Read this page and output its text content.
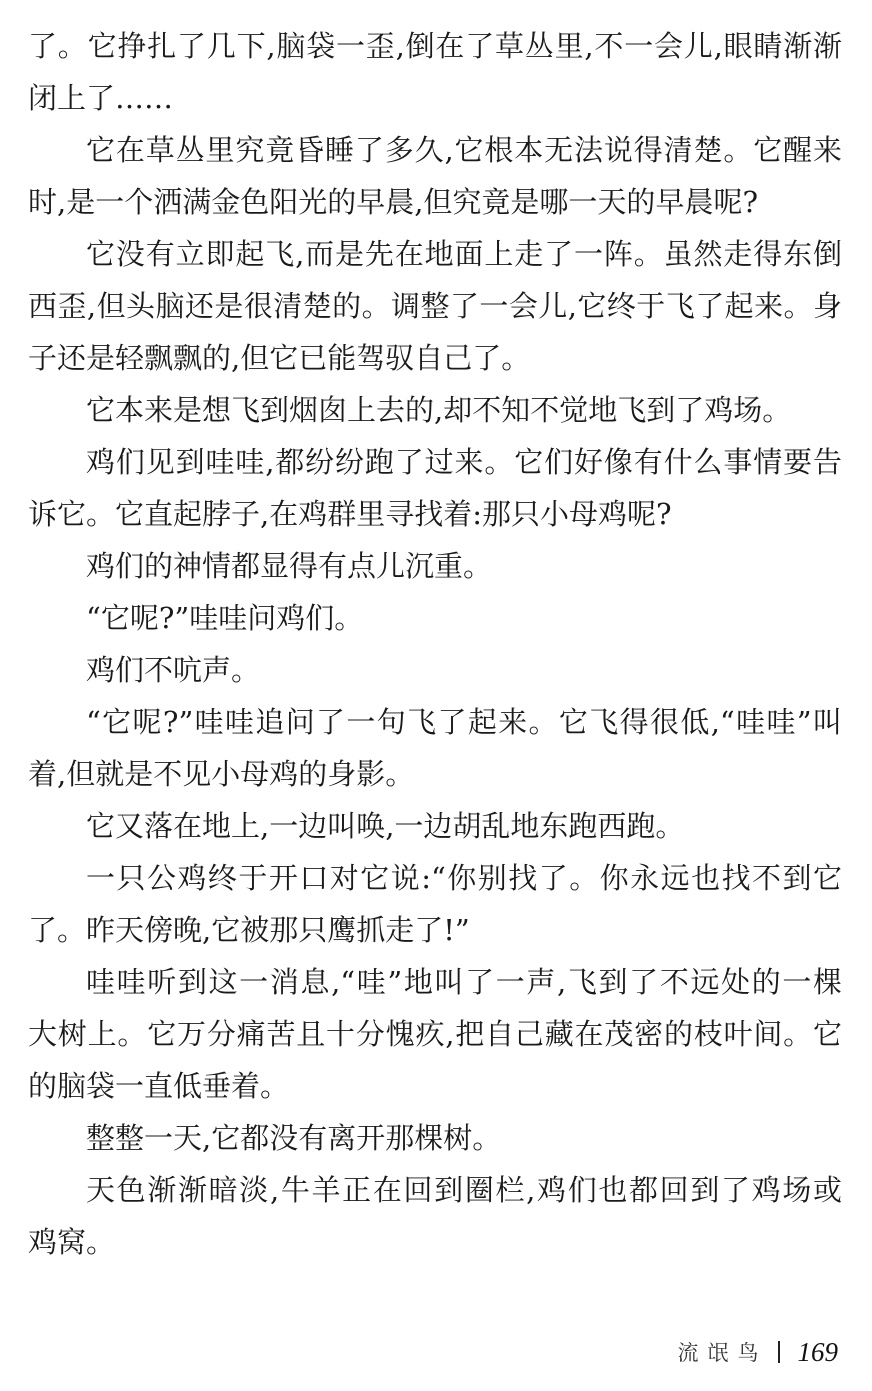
了。它挣扎了几下,脑袋一歪,倒在了草丛里,不一会儿,眼睛渐渐
闭上了……
它在草丛里究竟昏睡了多久,它根本无法说得清楚。它醒来
时,是一个洒满金色阳光的早晨,但究竟是哪一天的早晨呢?
它没有立即起飞,而是先在地面上走了一阵。虽然走得东倒
西歪,但头脑还是很清楚的。调整了一会儿,它终于飞了起来。身
子还是轻飘飘的,但它已能驾驭自己了。
它本来是想飞到烟囱上去的,却不知不觉地飞到了鸡场。
鸡们见到哇哇,都纷纷跑了过来。它们好像有什么事情要告
诉它。它直起脖子,在鸡群里寻找着:那只小母鸡呢?
鸡们的神情都显得有点儿沉重。
“它呢?”哇哇问鸡们。
鸡们不吭声。
“它呢?”哇哇追问了一句飞了起来。它飞得很低,“哇哇”叫
着,但就是不见小母鸡的身影。
它又落在地上,一边叫唤,一边胡乱地东跑西跑。
一只公鸡终于开口对它说:“你别找了。你永远也找不到它
了。昨天傍晚,它被那只鹰抓走了!”
哇哇听到这一消息,“哇”地叫了一声,飞到了不远处的一棵
大树上。它万分痛苦且十分愧疚,把自己藏在茂密的枝叶间。它
的脑袋一直低垂着。
整整一天,它都没有离开那棵树。
天色渐渐暗淡,牛羊正在回到圈栏,鸡们也都回到了鸡场或
鸡窝。
流氓鸟 169
